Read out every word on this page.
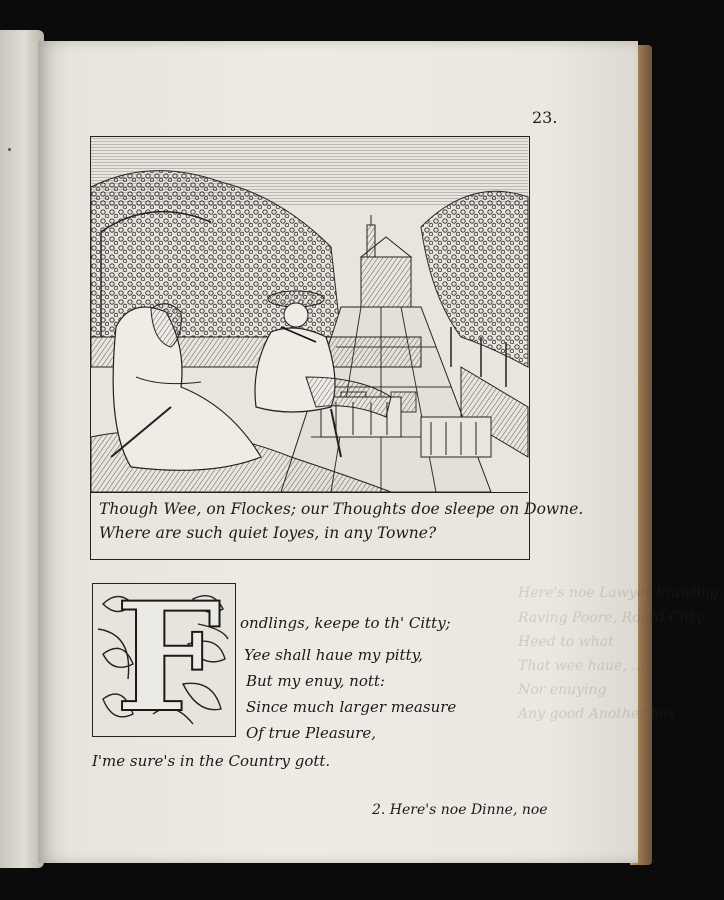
Here's noe Lawyer brawling;
Raving Poore, Roard Citty
Heed to what
That wee haue, ...
Nor enuying
Any good Another has
23.
Though Wee, on Flockes; our Thoughts doe sleepe on Downe.
Where are such quiet Ioyes, in any Towne?
F ondlings, keepe to th' Citty;
Yee shall haue my pitty,
But my enuy, nott:
Since much larger measure
Of true Pleasure,
I'me sure's in the Country gott.
2. Here's noe Dinne, noe
